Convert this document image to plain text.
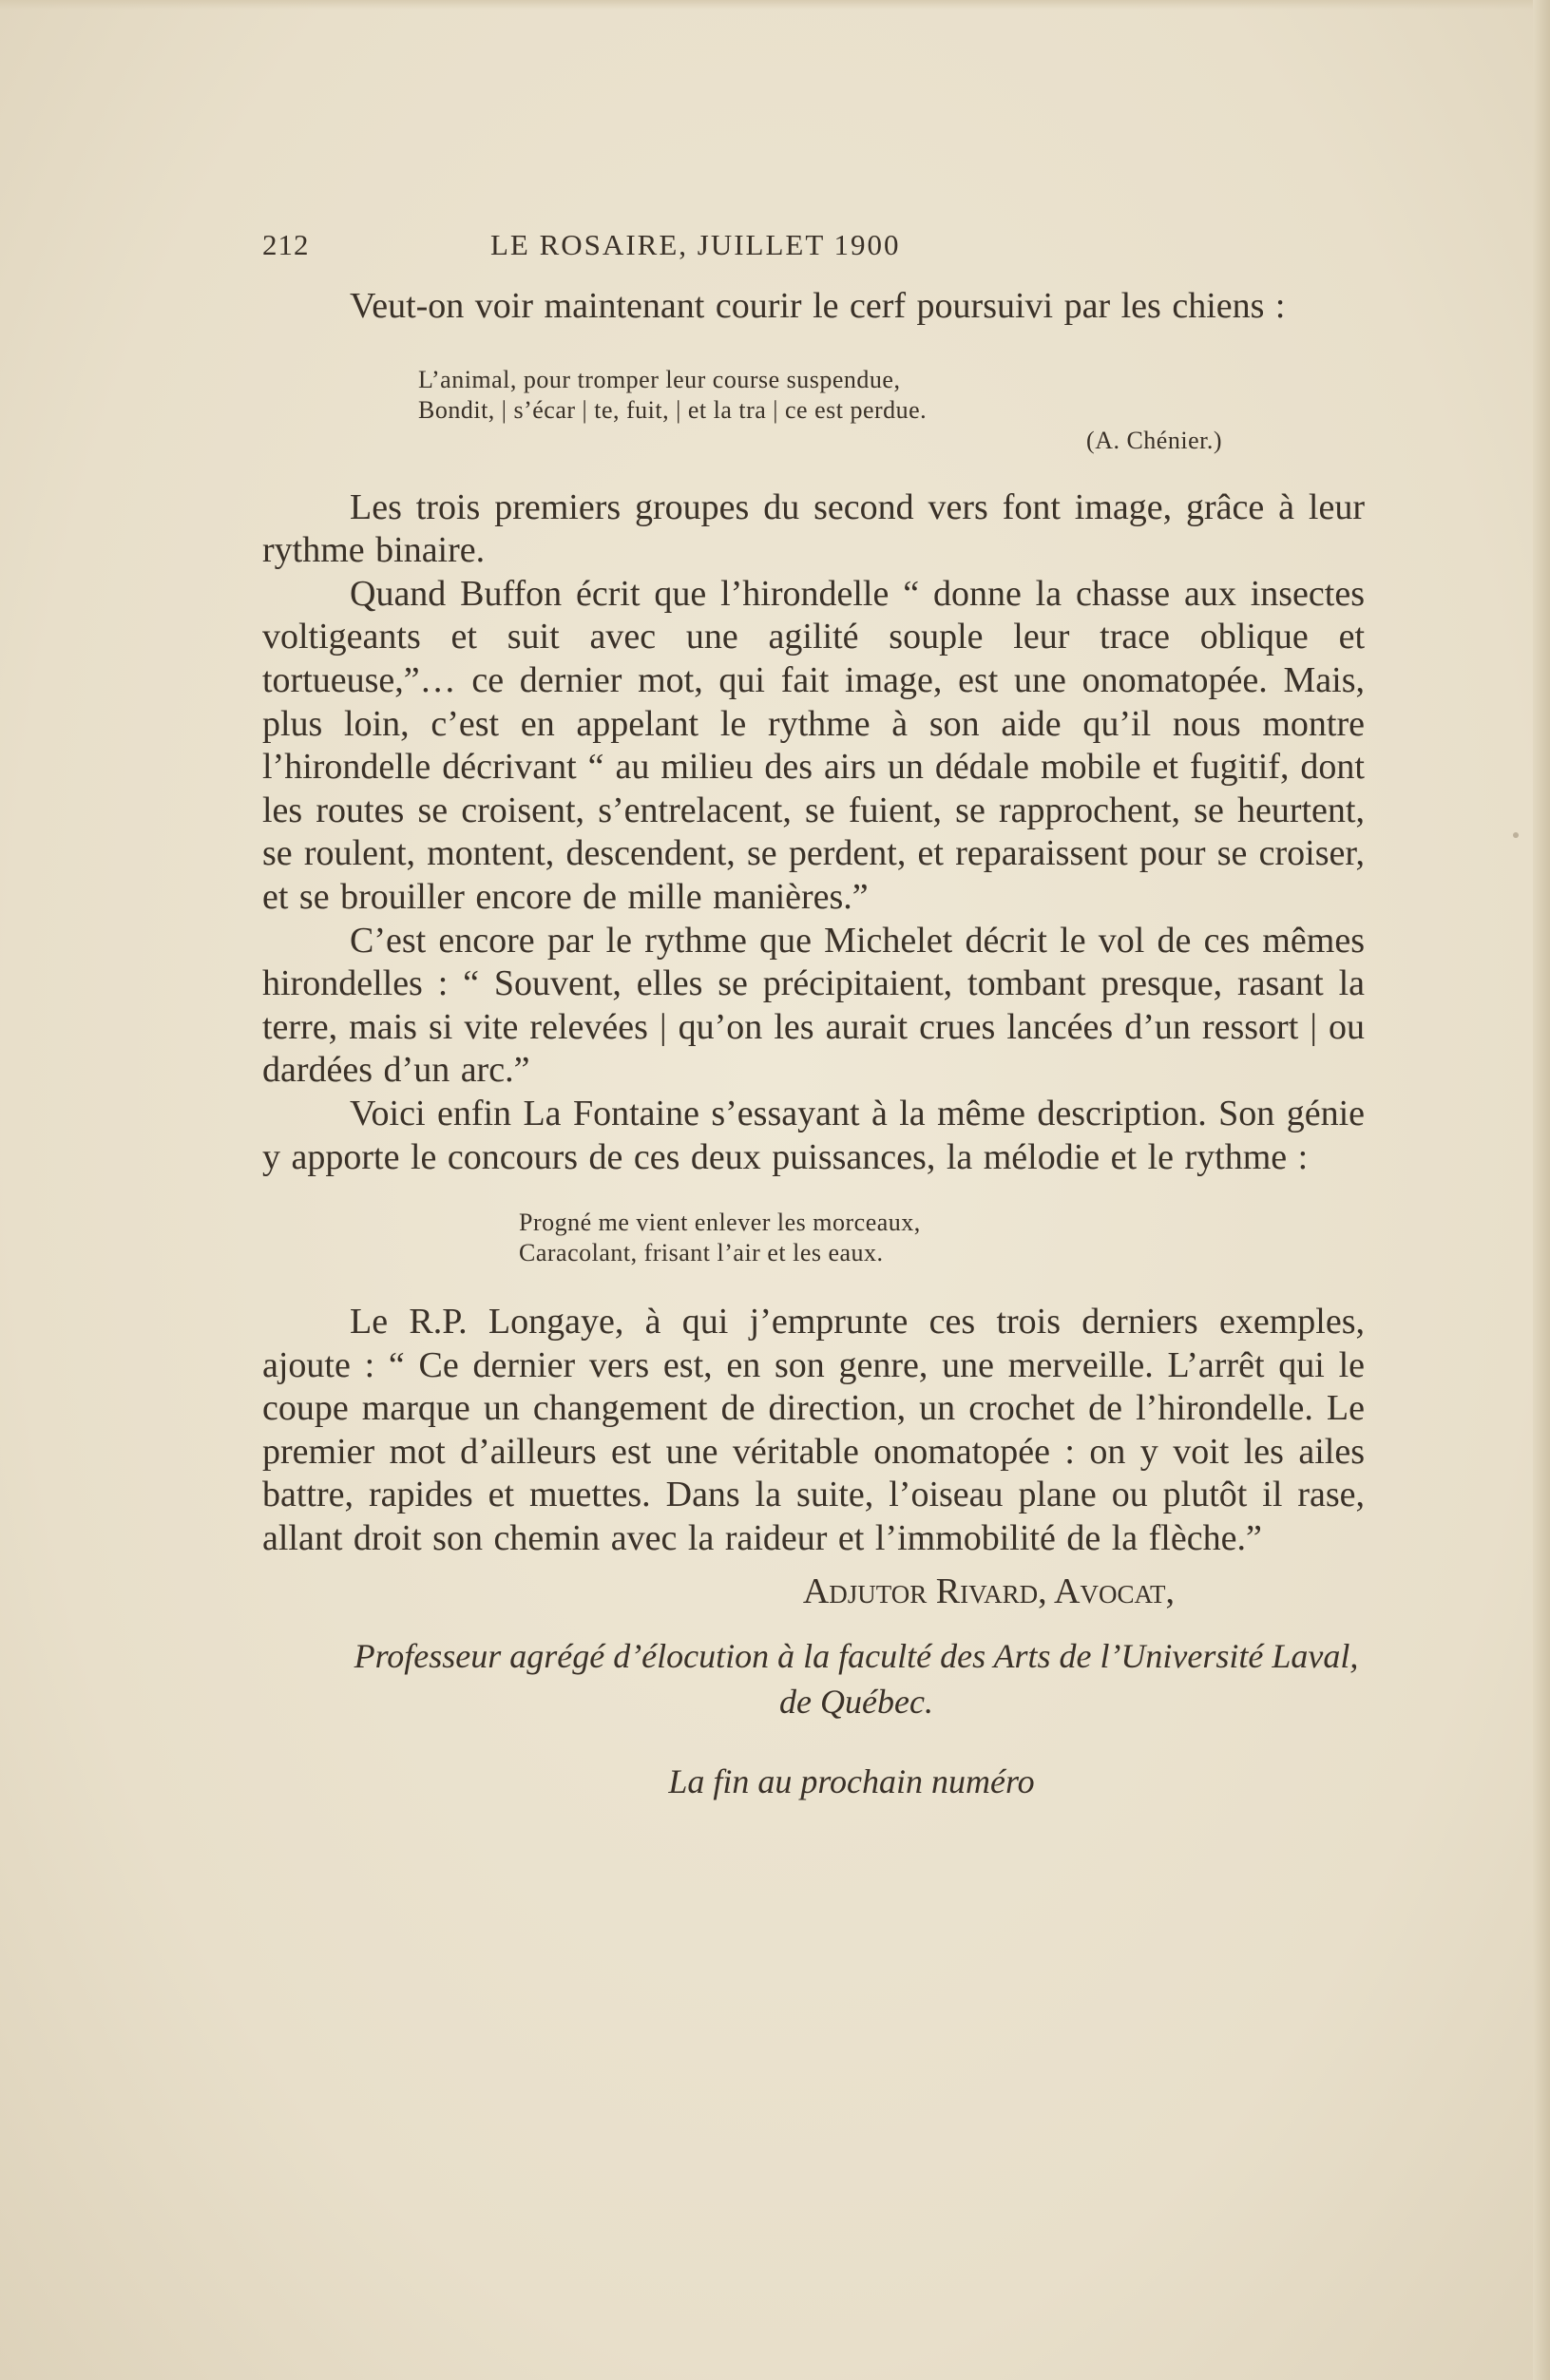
212	LE ROSAIRE, JUILLET 1900

Veut-on voir maintenant courir le cerf poursuivi par les chiens :

L’animal, pour tromper leur course suspendue,
Bondit, | s’écar | te, fuit, | et la tra | ce est perdue.
(A. Chénier.)

Les trois premiers groupes du second vers font image, grâce à leur rythme binaire.

Quand Buffon écrit que l’hirondelle “ donne la chasse aux insectes voltigeants et suit avec une agilité souple leur trace oblique et tortueuse,”… ce dernier mot, qui fait image, est une onomatopée. Mais, plus loin, c’est en appelant le rythme à son aide qu’il nous montre l’hirondelle décrivant “ au milieu des airs un dédale mobile et fugitif, dont les routes se croisent, s’entrelacent, se fuient, se rapprochent, se heurtent, se roulent, montent, descendent, se perdent, et reparaissent pour se croiser, et se brouiller encore de mille manières.”

C’est encore par le rythme que Michelet décrit le vol de ces mêmes hirondelles : “ Souvent, elles se précipitaient, tombant presque, rasant la terre, mais si vite relevées | qu’on les aurait crues lancées d’un ressort | ou dardées d’un arc.”

Voici enfin La Fontaine s’essayant à la même description. Son génie y apporte le concours de ces deux puissances, la mélodie et le rythme :

Progné me vient enlever les morceaux,
Caracolant, frisant l’air et les eaux.

Le R.P. Longaye, à qui j’emprunte ces trois derniers exemples, ajoute : “ Ce dernier vers est, en son genre, une merveille. L’arrêt qui le coupe marque un changement de direction, un crochet de l’hirondelle. Le premier mot d’ailleurs est une véritable onomatopée : on y voit les ailes battre, rapides et muettes. Dans la suite, l’oiseau plane ou plutôt il rase, allant droit son chemin avec la raideur et l’immobilité de la flèche.”

Adjutor Rivard, Avocat,
Professeur agrégé d’élocution à la faculté des Arts de l’Université Laval, de Québec.
La fin au prochain numéro
